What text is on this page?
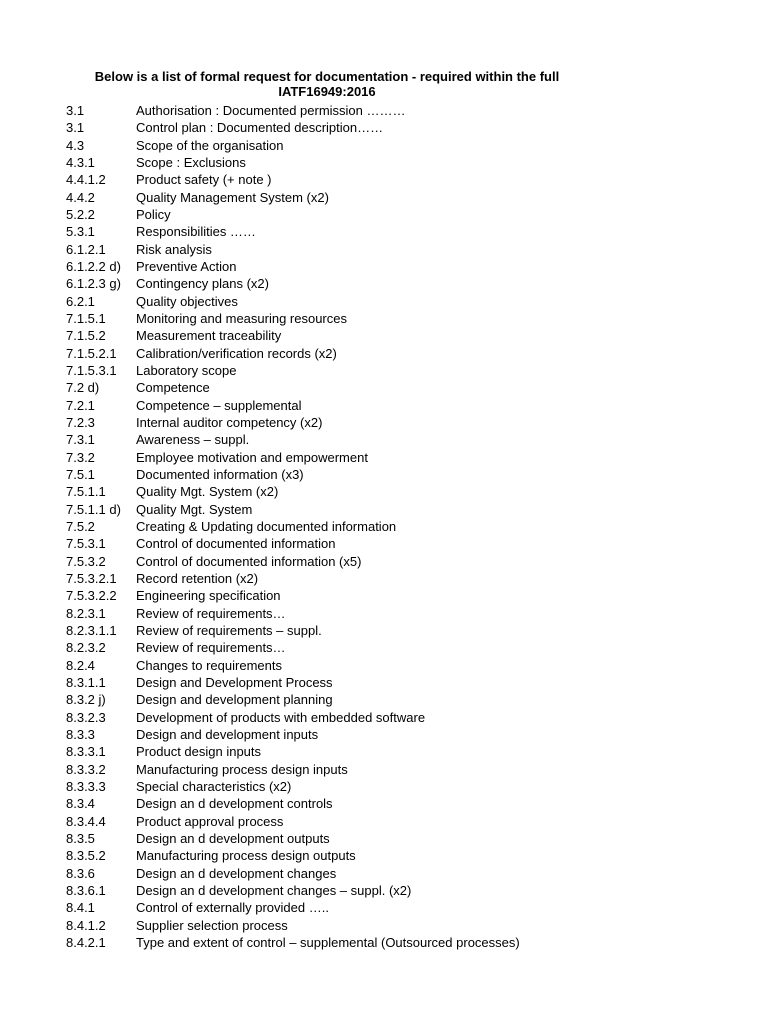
Below is a list of formal request for documentation - required within the full
IATF16949:2016
3.1	Authorisation : Documented permission ………
3.1	Control plan : Documented description……
4.3	Scope of the organisation
4.3.1	Scope : Exclusions
4.4.1.2	Product safety (+ note )
4.4.2	Quality Management System (x2)
5.2.2	Policy
5.3.1	Responsibilities ……
6.1.2.1	Risk analysis
6.1.2.2 d)	Preventive Action
6.1.2.3 g)	Contingency plans (x2)
6.2.1	Quality objectives
7.1.5.1	Monitoring and measuring resources
7.1.5.2	Measurement traceability
7.1.5.2.1	Calibration/verification records (x2)
7.1.5.3.1	Laboratory scope
7.2 d)	Competence
7.2.1	Competence – supplemental
7.2.3	Internal auditor competency (x2)
7.3.1	Awareness – suppl.
7.3.2	Employee motivation and empowerment
7.5.1	Documented information (x3)
7.5.1.1	Quality Mgt. System (x2)
7.5.1.1 d)	Quality Mgt. System
7.5.2	Creating & Updating documented information
7.5.3.1	Control of documented information
7.5.3.2	Control of documented information (x5)
7.5.3.2.1	Record retention (x2)
7.5.3.2.2	Engineering specification
8.2.3.1	Review of requirements…
8.2.3.1.1	Review of requirements – suppl.
8.2.3.2	Review of requirements…
8.2.4	Changes to requirements
8.3.1.1	Design and Development Process
8.3.2 j)	Design and development planning
8.3.2.3	Development of products with embedded software
8.3.3	Design and development inputs
8.3.3.1	Product design inputs
8.3.3.2	Manufacturing process design inputs
8.3.3.3	Special characteristics (x2)
8.3.4	Design an d development controls
8.3.4.4	Product approval process
8.3.5	Design an d development outputs
8.3.5.2	Manufacturing process design outputs
8.3.6	Design an d development changes
8.3.6.1	Design an d development changes – suppl. (x2)
8.4.1	Control of externally provided …..
8.4.1.2	Supplier selection process
8.4.2.1	Type and extent of control – supplemental (Outsourced processes)
